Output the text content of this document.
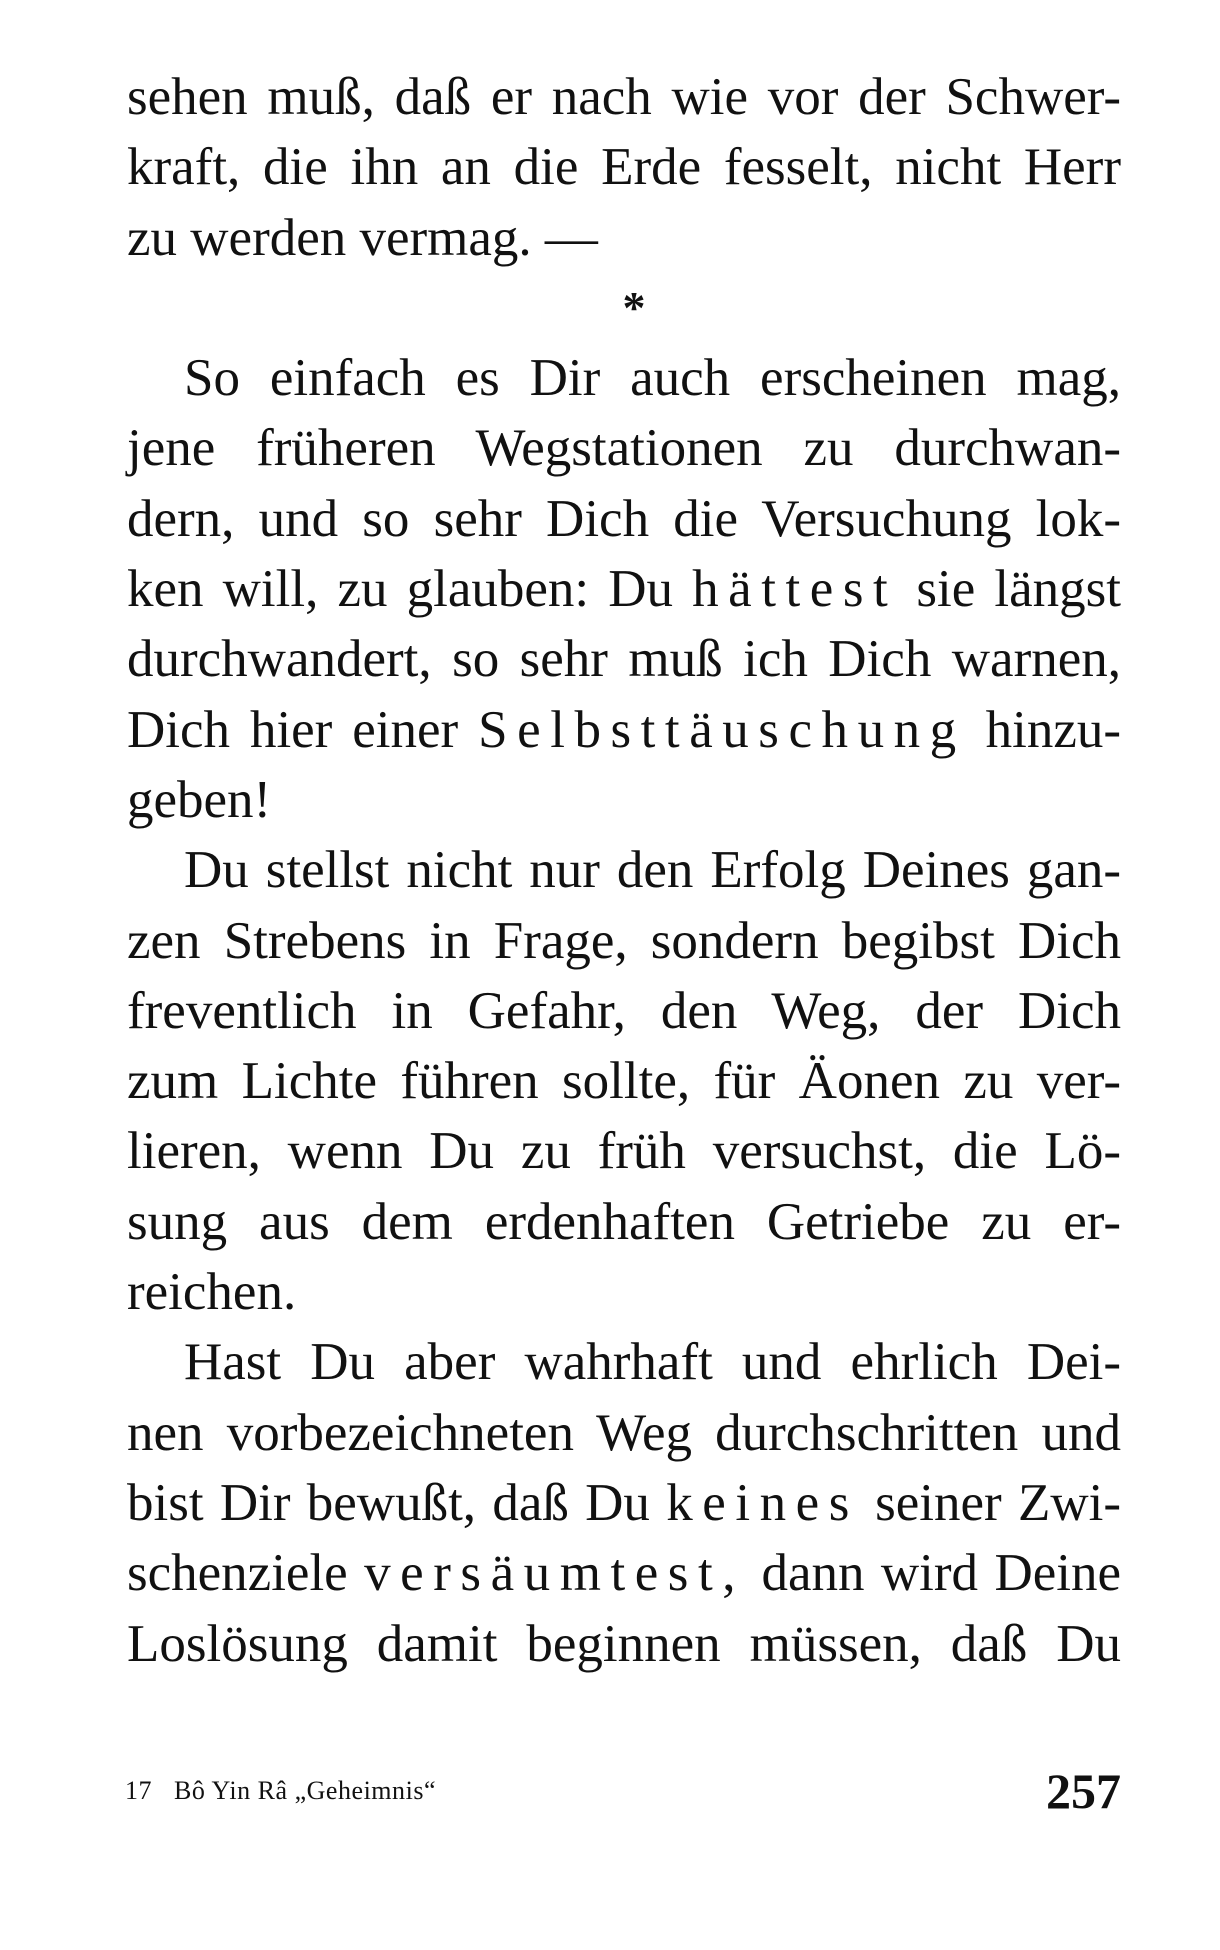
sehen muß, daß er nach wie vor der Schwer-
kraft, die ihn an die Erde fesselt, nicht Herr
zu werden vermag. —
*
So einfach es Dir auch erscheinen mag,
jene früheren Wegstationen zu durchwan-
dern, und so sehr Dich die Versuchung lok-
ken will, zu glauben: Du hättest sie längst
durchwandert, so sehr muß ich Dich warnen,
Dich hier einer Selbsttäuschung hinzu-
geben!
Du stellst nicht nur den Erfolg Deines gan-
zen Strebens in Frage, sondern begibst Dich
freventlich in Gefahr, den Weg, der Dich
zum Lichte führen sollte, für Äonen zu ver-
lieren, wenn Du zu früh versuchst, die Lö-
sung aus dem erdenhaften Getriebe zu er-
reichen.
Hast Du aber wahrhaft und ehrlich Dei-
nen vorbezeichneten Weg durchschritten und
bist Dir bewußt, daß Du keines seiner Zwi-
schenziele versäumtest, dann wird Deine
Loslösung damit beginnen müssen, daß Du
17 Bô Yin Râ „Geheimnis“	257
